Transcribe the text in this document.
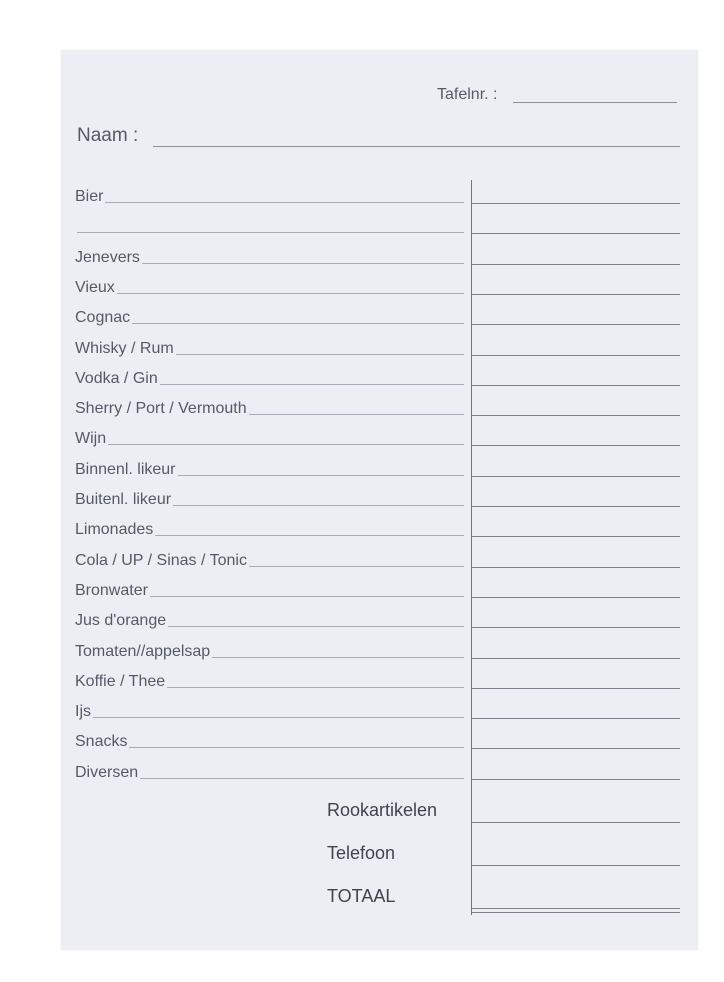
Tafelnr. :
Naam :
Bier
Jenevers
Vieux
Cognac
Whisky / Rum
Vodka / Gin
Sherry / Port / Vermouth
Wijn
Binnenl. likeur
Buitenl. likeur
Limonades
Cola / UP / Sinas / Tonic
Bronwater
Jus d'orange
Tomaten//appelsap
Koffie / Thee
Ijs
Snacks
Diversen
Rookartikelen
Telefoon
TOTAAL
